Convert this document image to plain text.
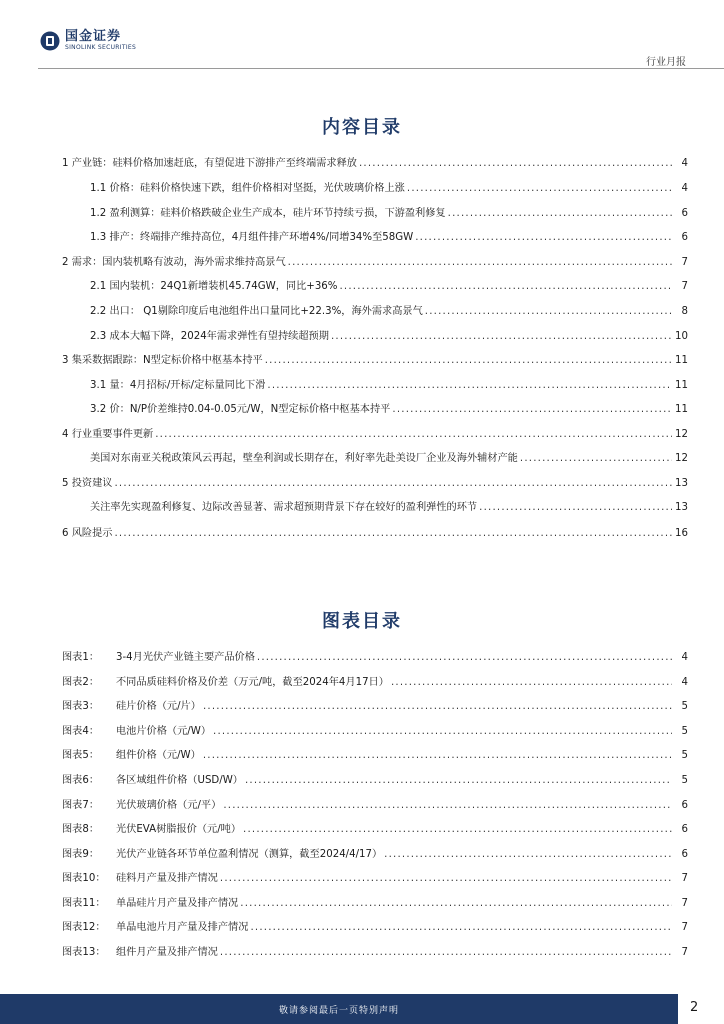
国金证券
SINOLINK SECURITIES
行业月报
内容目录
1 产业链：硅料价格加速赶底，有望促进下游排产至终端需求释放 .....	4
1.1 价格：硅料价格快速下跌，组件价格相对坚挺，光伏玻璃价格上涨 .....	4
1.2 盈利测算：硅料价格跌破企业生产成本，硅片环节持续亏损，下游盈利修复 .....	6
1.3 排产：终端排产维持高位，4月组件排产环增4%/同增34%至58GW .....	6
2 需求：国内装机略有波动，海外需求维持高景气 .....	7
2.1 国内装机：24Q1新增装机45.74GW，同比+36% .....	7
2.2 出口： Q1剔除印度后电池组件出口量同比+22.3%，海外需求高景气 .....	8
2.3 成本大幅下降，2024年需求弹性有望持续超预期 .....	10
3 集采数据跟踪：N型定标价格中枢基本持平 .....	11
3.1 量：4月招标/开标/定标量同比下滑 .....	11
3.2 价：N/P价差维持0.04-0.05元/W，N型定标价格中枢基本持平 .....	11
4 行业重要事件更新 .....	12
美国对东南亚关税政策风云再起，壁垒利润或长期存在，利好率先赴美设厂企业及海外辅材产能 .....	12
5 投资建议 .....	13
关注率先实现盈利修复、边际改善显著、需求超预期背景下存在较好的盈利弹性的环节 .....	13
6 风险提示 .....	16
图表目录
图表1：	3-4月光伏产业链主要产品价格 .....	4
图表2：	不同品质硅料价格及价差（万元/吨，截至2024年4月17日） .....	4
图表3：	硅片价格（元/片） .....	5
图表4：	电池片价格（元/W） .....	5
图表5：	组件价格（元/W） .....	5
图表6：	各区域组件价格（USD/W） .....	5
图表7：	光伏玻璃价格（元/平） .....	6
图表8：	光伏EVA树脂报价（元/吨） .....	6
图表9：	光伏产业链各环节单位盈利情况（测算，截至2024/4/17） .....	6
图表10：	硅料月产量及排产情况 .....	7
图表11：	单晶硅片月产量及排产情况 .....	7
图表12：	单晶电池片月产量及排产情况 .....	7
图表13：	组件月产量及排产情况 .....	7
敬请参阅最后一页特别声明	2
